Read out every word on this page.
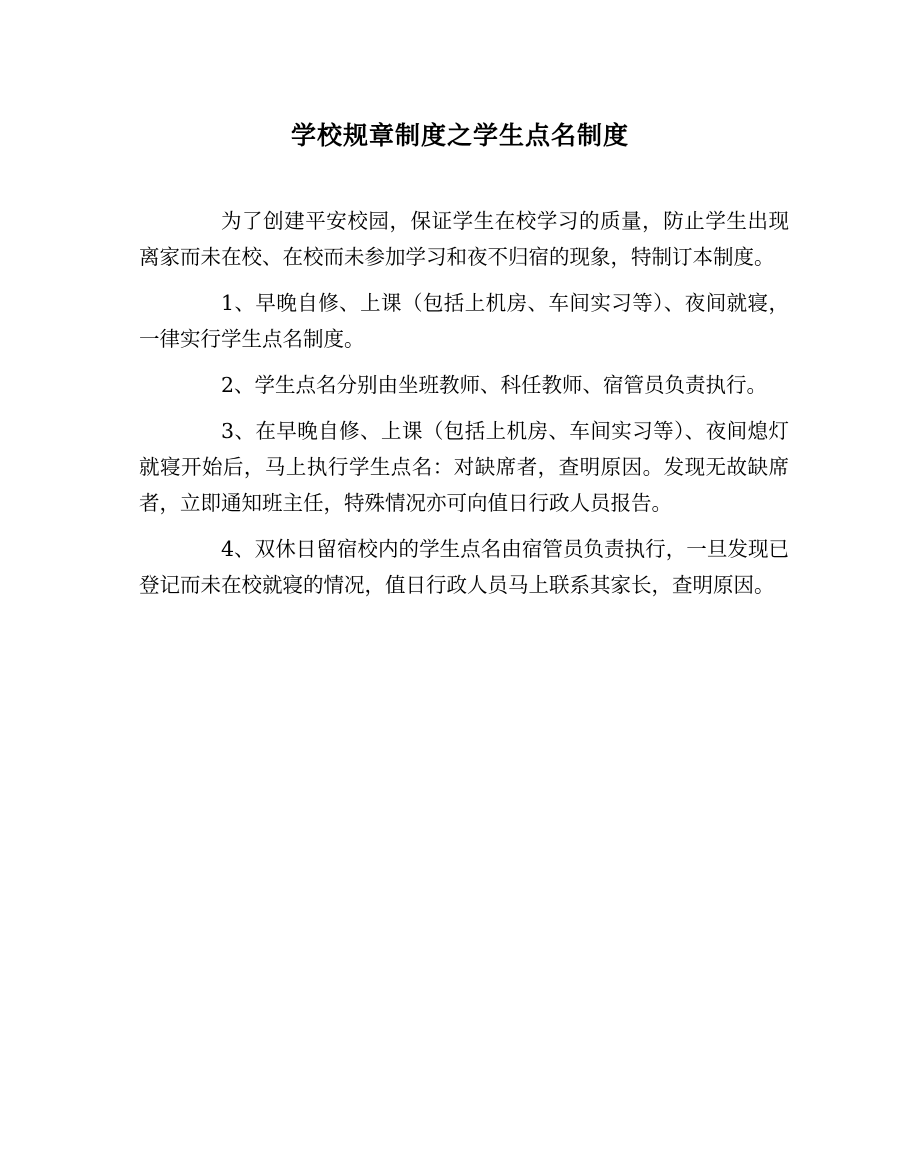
学校规章制度之学生点名制度

为了创建平安校园，保证学生在校学习的质量，防止学生出现离家而未在校、在校而未参加学习和夜不归宿的现象，特制订本制度。

1、早晚自修、上课（包括上机房、车间实习等）、夜间就寝，一律实行学生点名制度。

2、学生点名分别由坐班教师、科任教师、宿管员负责执行。

3、在早晚自修、上课（包括上机房、车间实习等）、夜间熄灯就寝开始后，马上执行学生点名：对缺席者，查明原因。发现无故缺席者，立即通知班主任，特殊情况亦可向值日行政人员报告。

4、双休日留宿校内的学生点名由宿管员负责执行，一旦发现已登记而未在校就寝的情况，值日行政人员马上联系其家长，查明原因。
